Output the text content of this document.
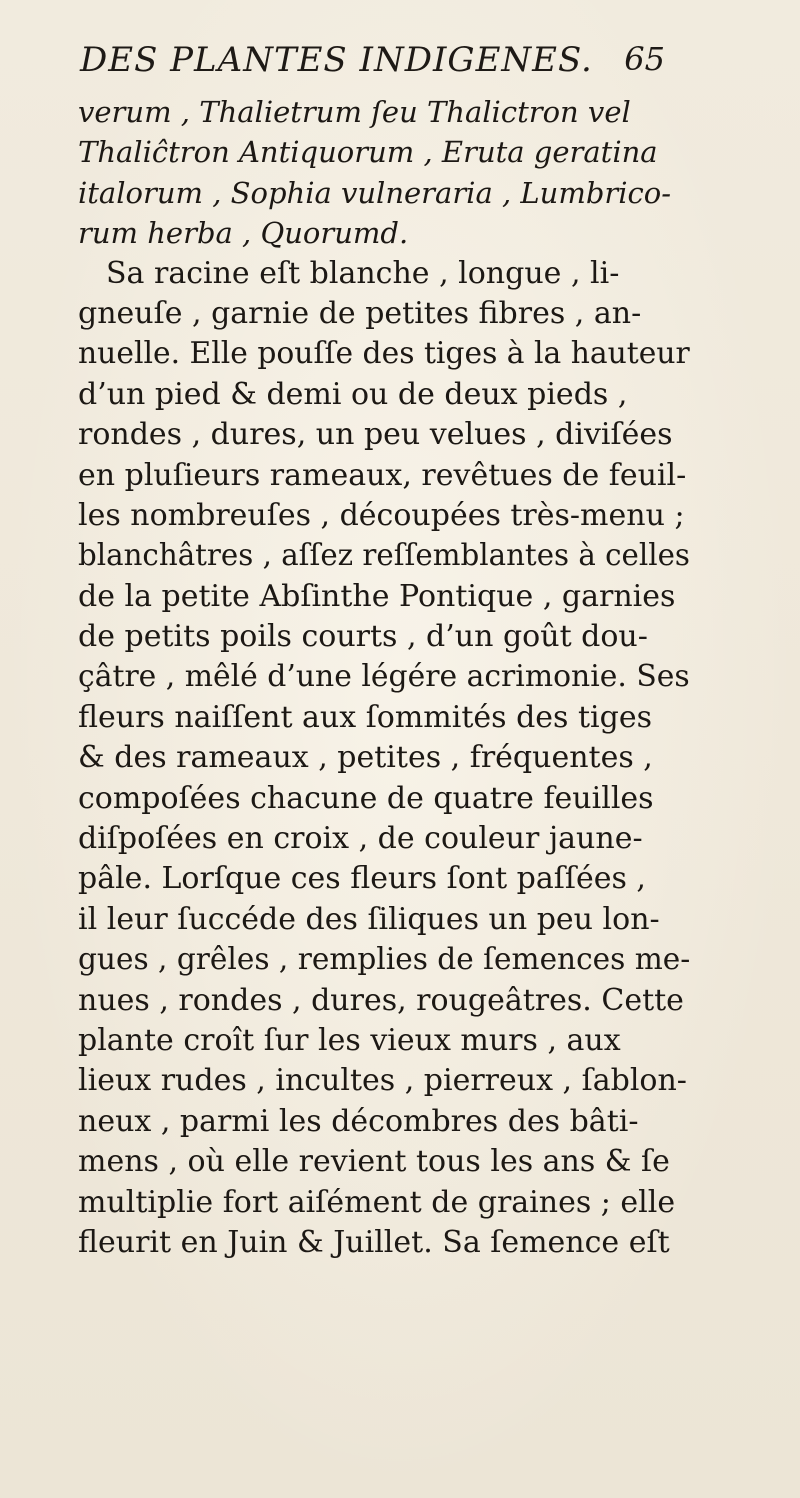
DES PLANTES INDIGENES. 65
verum , Thalietrum ſeu Thalictron vel
Thaliĉtron Antiquorum , Eruta geratina
italorum , Sophia vulneraria , Lumbrico-
rum herba , Quorumd.
Sa racine eſt blanche , longue , li-
gneuſe , garnie de petites fibres , an-
nuelle. Elle pouſſe des tiges à la hauteur
d’un pied & demi ou de deux pieds ,
rondes , dures, un peu velues , diviſées
en pluſieurs rameaux, revêtues de feuil-
les nombreuſes , découpées très-menu ;
blanchâtres , aſſez reſſemblantes à celles
de la petite Abſinthe Pontique , garnies
de petits poils courts , d’un goût dou-
çâtre , mêlé d’une légére acrimonie. Ses
fleurs naiſſent aux ſommités des tiges
& des rameaux , petites , fréquentes ,
compoſées chacune de quatre feuilles
diſpoſées en croix , de couleur jaune-
pâle. Lorſque ces fleurs ſont paſſées ,
il leur ſuccéde des ſiliques un peu lon-
gues , grêles , remplies de ſemences me-
nues , rondes , dures, rougeâtres. Cette
plante croît ſur les vieux murs , aux
lieux rudes , incultes , pierreux , ſablon-
neux , parmi les décombres des bâti-
mens , où elle revient tous les ans & ſe
multiplie fort aiſément de graines ; elle
fleurit en Juin & Juillet. Sa ſemence eſt
